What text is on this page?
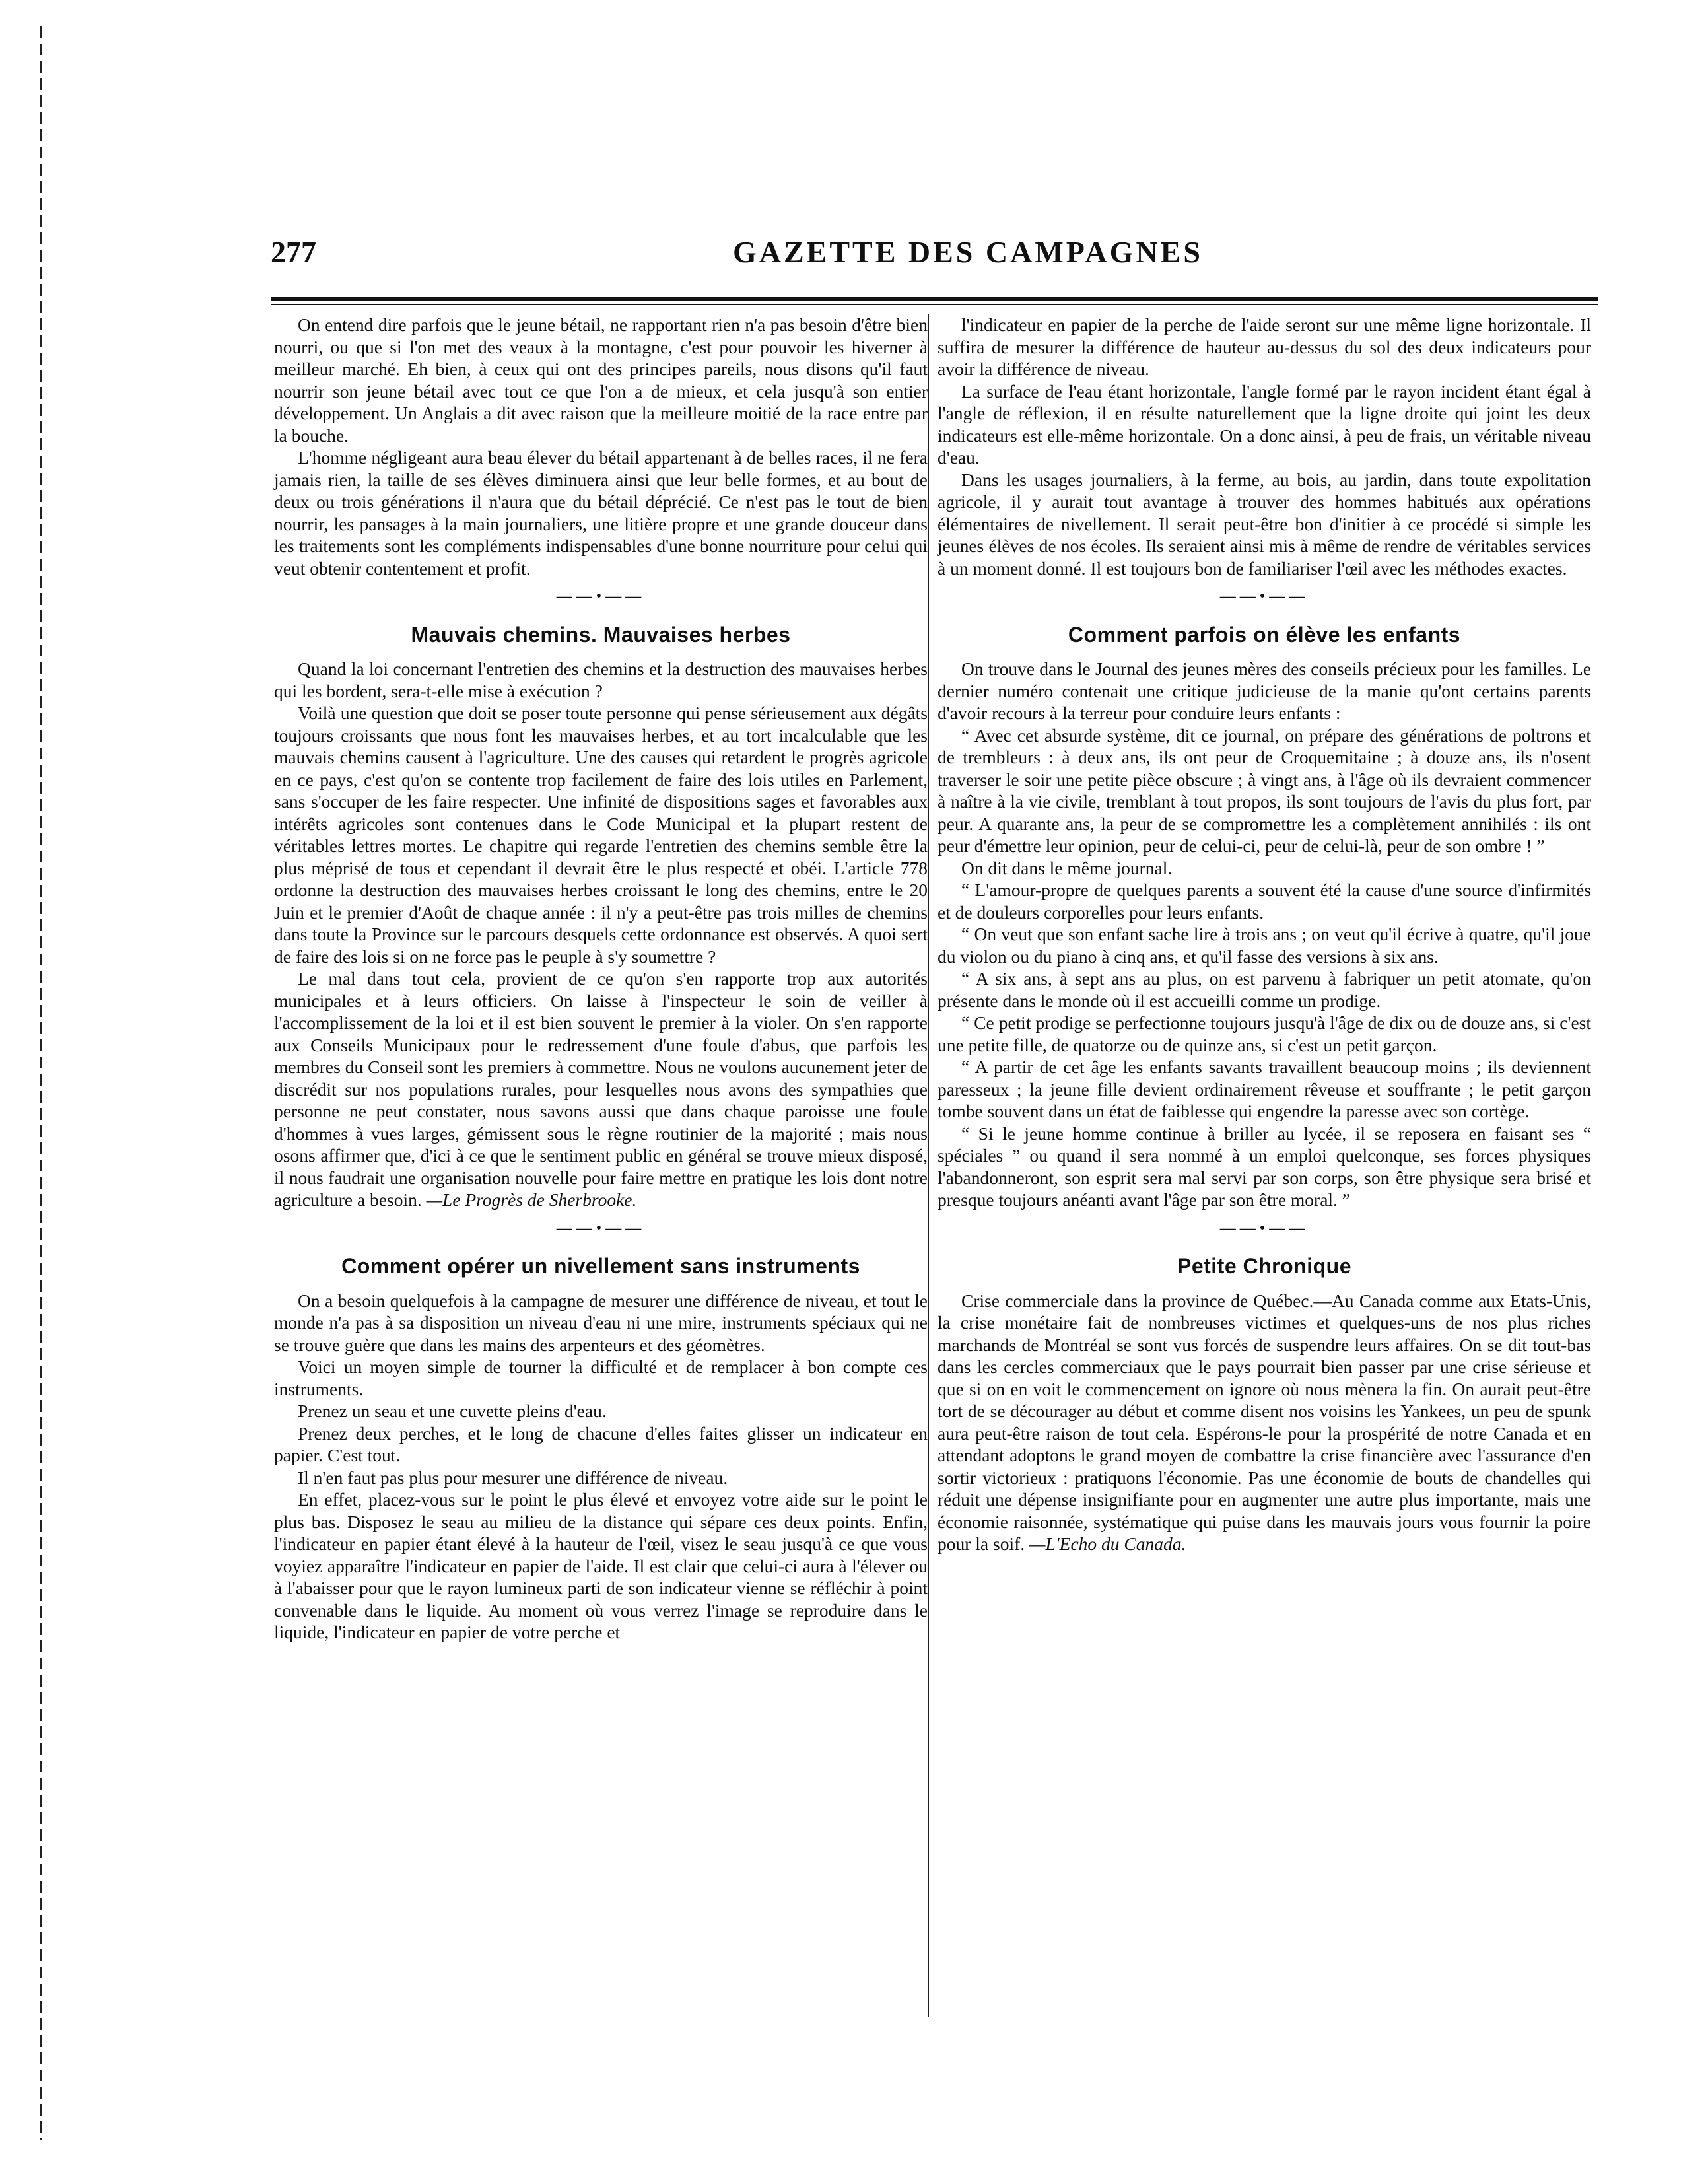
277	GAZETTE DES CAMPAGNES

On entend dire parfois que le jeune bétail, ne rapportant rien n'a pas besoin d'être bien nourri, ou que si l'on met des veaux à la montagne, c'est pour pouvoir les hiverner à meilleur marché. Eh bien, à ceux qui ont des principes pareils, nous disons qu'il faut nourrir son jeune bétail avec tout ce que l'on a de mieux, et cela jusqu'à son entier développement. Un Anglais a dit avec raison que la meilleure moitié de la race entre par la bouche.

L'homme négligeant aura beau élever du bétail appartenant à de belles races, il ne fera jamais rien, la taille de ses élèves diminuera ainsi que leur belle formes, et au bout de deux ou trois générations il n'aura que du bétail déprécié. Ce n'est pas le tout de bien nourrir, les pansages à la main journaliers, une litière propre et une grande douceur dans les traitements sont les compléments indispensables d'une bonne nourriture pour celui qui veut obtenir contentement et profit.

——•——
Mauvais chemins. Mauvaises herbes

Quand la loi concernant l'entretien des chemins et la destruction des mauvaises herbes qui les bordent, sera-t-elle mise à exécution ?

Voilà une question que doit se poser toute personne qui pense sérieusement aux dégâts toujours croissants que nous font les mauvaises herbes, et au tort incalculable que les mauvais chemins causent à l'agriculture. Une des causes qui retardent le progrès agricole en ce pays, c'est qu'on se contente trop facilement de faire des lois utiles en Parlement, sans s'occuper de les faire respecter. Une infinité de dispositions sages et favorables aux intérêts agricoles sont contenues dans le Code Municipal et la plupart restent de véritables lettres mortes. Le chapitre qui regarde l'entretien des chemins semble être la plus méprisé de tous et cependant il devrait être le plus respecté et obéi. L'article 778 ordonne la destruction des mauvaises herbes croissant le long des chemins, entre le 20 Juin et le premier d'Août de chaque année : il n'y a peut-être pas trois milles de chemins dans toute la Province sur le parcours desquels cette ordonnance est observés. A quoi sert de faire des lois si on ne force pas le peuple à s'y soumettre ?

Le mal dans tout cela, provient de ce qu'on s'en rapporte trop aux autorités municipales et à leurs officiers. On laisse à l'inspecteur le soin de veiller à l'accomplissement de la loi et il est bien souvent le premier à la violer. On s'en rapporte aux Conseils Municipaux pour le redressement d'une foule d'abus, que parfois les membres du Conseil sont les premiers à commettre. Nous ne voulons aucunement jeter de discrédit sur nos populations rurales, pour lesquelles nous avons des sympathies que personne ne peut constater, nous savons aussi que dans chaque paroisse une foule d'hommes à vues larges, gémissent sous le règne routinier de la majorité ; mais nous osons affirmer que, d'ici à ce que le sentiment public en général se trouve mieux disposé, il nous faudrait une organisation nouvelle pour faire mettre en pratique les lois dont notre agriculture a besoin. —Le Progrès de Sherbrooke.

——•——
Comment opérer un nivellement sans instruments

On a besoin quelquefois à la campagne de mesurer une différence de niveau, et tout le monde n'a pas à sa disposition un niveau d'eau ni une mire, instruments spéciaux qui ne se trouve guère que dans les mains des arpenteurs et des géomètres.

Voici un moyen simple de tourner la difficulté et de remplacer à bon compte ces instruments.

Prenez un seau et une cuvette pleins d'eau.

Prenez deux perches, et le long de chacune d'elles faites glisser un indicateur en papier. C'est tout.

Il n'en faut pas plus pour mesurer une différence de niveau.

En effet, placez-vous sur le point le plus élevé et envoyez votre aide sur le point le plus bas. Disposez le seau au milieu de la distance qui sépare ces deux points. Enfin, l'indicateur en papier étant élevé à la hauteur de l'œil, visez le seau jusqu'à ce que vous voyiez apparaître l'indicateur en papier de l'aide. Il est clair que celui-ci aura à l'élever ou à l'abaisser pour que le rayon lumineux parti de son indicateur vienne se réfléchir à point convenable dans le liquide. Au moment où vous verrez l'image se reproduire dans le liquide, l'indicateur en papier de votre perche et

l'indicateur en papier de la perche de l'aide seront sur une même ligne horizontale. Il suffira de mesurer la différence de hauteur au-dessus du sol des deux indicateurs pour avoir la différence de niveau.

La surface de l'eau étant horizontale, l'angle formé par le rayon incident étant égal à l'angle de réflexion, il en résulte naturellement que la ligne droite qui joint les deux indicateurs est elle-même horizontale. On a donc ainsi, à peu de frais, un véritable niveau d'eau.

Dans les usages journaliers, à la ferme, au bois, au jardin, dans toute expolitation agricole, il y aurait tout avantage à trouver des hommes habitués aux opérations élémentaires de nivellement. Il serait peut-être bon d'initier à ce procédé si simple les jeunes élèves de nos écoles. Ils seraient ainsi mis à même de rendre de véritables services à un moment donné. Il est toujours bon de familiariser l'œil avec les méthodes exactes.

——•——
Comment parfois on élève les enfants

On trouve dans le Journal des jeunes mères des conseils précieux pour les familles. Le dernier numéro contenait une critique judicieuse de la manie qu'ont certains parents d'avoir recours à la terreur pour conduire leurs enfants :

“ Avec cet absurde système, dit ce journal, on prépare des générations de poltrons et de trembleurs : à deux ans, ils ont peur de Croquemitaine ; à douze ans, ils n'osent traverser le soir une petite pièce obscure ; à vingt ans, à l'âge où ils devraient commencer à naître à la vie civile, tremblant à tout propos, ils sont toujours de l'avis du plus fort, par peur. A quarante ans, la peur de se compromettre les a complètement annihilés : ils ont peur d'émettre leur opinion, peur de celui-ci, peur de celui-là, peur de son ombre ! ”

On dit dans le même journal.

“ L'amour-propre de quelques parents a souvent été la cause d'une source d'infirmités et de douleurs corporelles pour leurs enfants.

“ On veut que son enfant sache lire à trois ans ; on veut qu'il écrive à quatre, qu'il joue du violon ou du piano à cinq ans, et qu'il fasse des versions à six ans.

“ A six ans, à sept ans au plus, on est parvenu à fabriquer un petit atomate, qu'on présente dans le monde où il est accueilli comme un prodige.

“ Ce petit prodige se perfectionne toujours jusqu'à l'âge de dix ou de douze ans, si c'est une petite fille, de quatorze ou de quinze ans, si c'est un petit garçon.

“ A partir de cet âge les enfants savants travaillent beaucoup moins ; ils deviennent paresseux ; la jeune fille devient ordinairement rêveuse et souffrante ; le petit garçon tombe souvent dans un état de faiblesse qui engendre la paresse avec son cortège.

“ Si le jeune homme continue à briller au lycée, il se reposera en faisant ses “ spéciales ” ou quand il sera nommé à un emploi quelconque, ses forces physiques l'abandonneront, son esprit sera mal servi par son corps, son être physique sera brisé et presque toujours anéanti avant l'âge par son être moral. ”

——•——
Petite Chronique

Crise commerciale dans la province de Québec.—Au Canada comme aux Etats-Unis, la crise monétaire fait de nombreuses victimes et quelques-uns de nos plus riches marchands de Montréal se sont vus forcés de suspendre leurs affaires. On se dit tout-bas dans les cercles commerciaux que le pays pourrait bien passer par une crise sérieuse et que si on en voit le commencement on ignore où nous mènera la fin. On aurait peut-être tort de se décourager au début et comme disent nos voisins les Yankees, un peu de spunk aura peut-être raison de tout cela. Espérons-le pour la prospérité de notre Canada et en attendant adoptons le grand moyen de combattre la crise financière avec l'assurance d'en sortir victorieux : pratiquons l'économie. Pas une économie de bouts de chandelles qui réduit une dépense insignifiante pour en augmenter une autre plus importante, mais une économie raisonnée, systématique qui puise dans les mauvais jours vous fournir la poire pour la soif. —L'Echo du Canada.
